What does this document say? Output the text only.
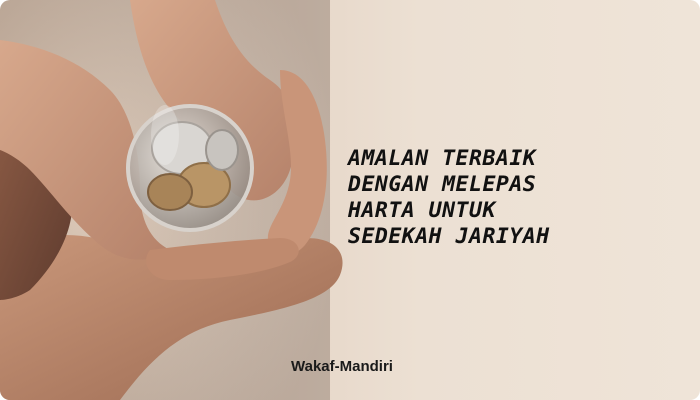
AMALAN TERBAIK
DENGAN MELEPAS
HARTA UNTUK
SEDEKAH JARIYAH
Wakaf-Mandiri
